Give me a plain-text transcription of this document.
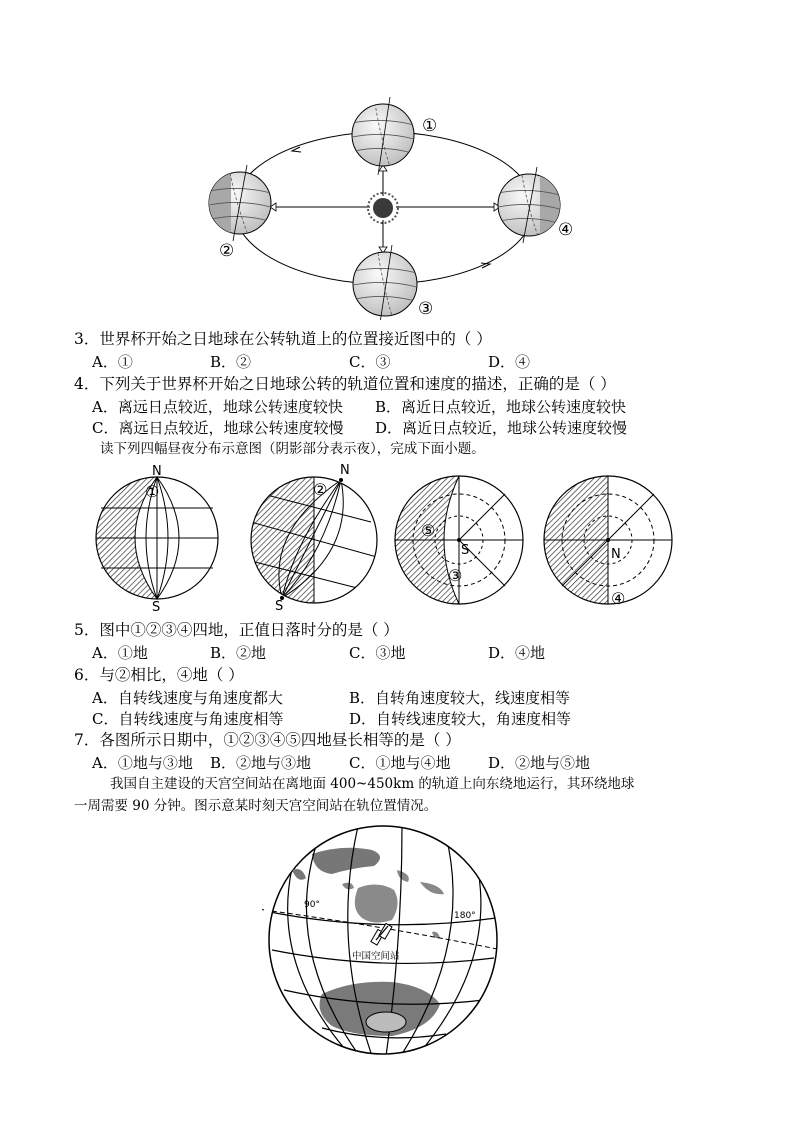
①
②
③
④
3．世界杯开始之日地球在公转轨道上的位置接近图中的（ ）
A．①	B．②	C．③	D．④
4．下列关于世界杯开始之日地球公转的轨道位置和速度的描述，正确的是（ ）
A．离远日点较近，地球公转速度较快 B．离近日点较近，地球公转速度较快
C．离远日点较近，地球公转速度较慢 D．离近日点较近，地球公转速度较慢
读下列四幅昼夜分布示意图（阴影部分表示夜），完成下面小题。
N
S
①
N
S
②
S
⑤
③
N
④
5．图中①②③④四地，正值日落时分的是（ ）
A．①地	B．②地	C．③地	D．④地
6．与②相比，④地（ ）
A．自转线速度与角速度都大	B．自转角速度较大，线速度相等
C．自转线速度与角速度相等	D．自转线速度较大，角速度相等
7．各图所示日期中，①②③④⑤四地昼长相等的是（ ）
A．①地与③地 B．②地与③地	C．①地与④地	D．②地与⑤地
我国自主建设的天宫空间站在离地面 400~450km 的轨道上向东绕地运行，其环绕地球
一周需要 90 分钟。图示意某时刻天宫空间站在轨位置情况。
90°
180°
中国空间站
